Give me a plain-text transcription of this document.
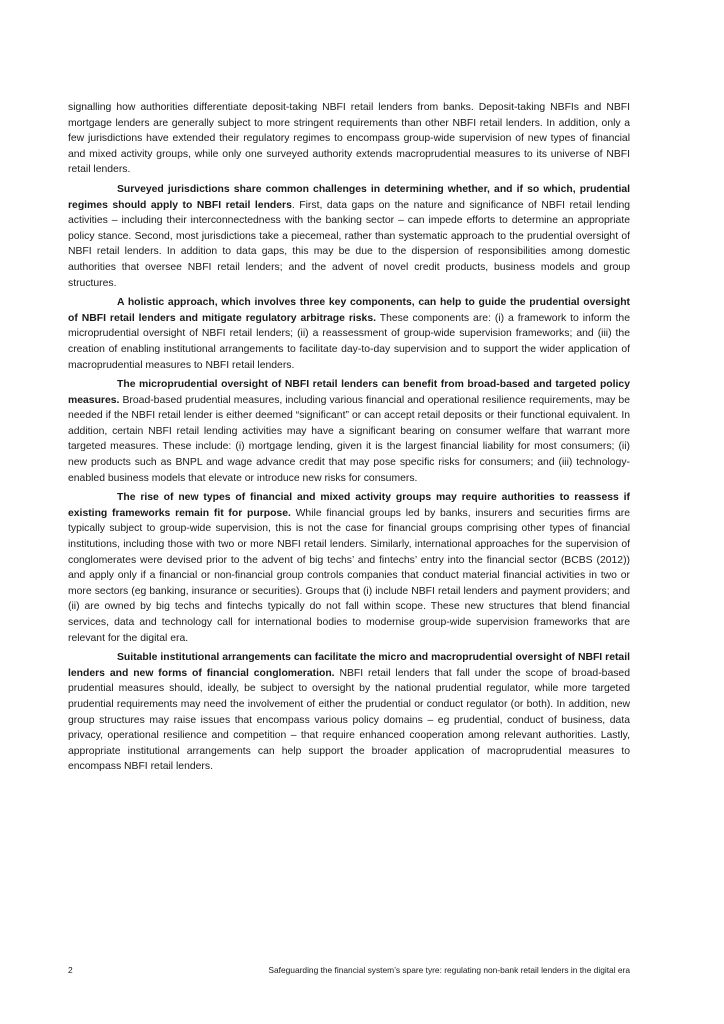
signalling how authorities differentiate deposit-taking NBFI retail lenders from banks. Deposit-taking NBFIs and NBFI mortgage lenders are generally subject to more stringent requirements than other NBFI retail lenders. In addition, only a few jurisdictions have extended their regulatory regimes to encompass group-wide supervision of new types of financial and mixed activity groups, while only one surveyed authority extends macroprudential measures to its universe of NBFI retail lenders.

Surveyed jurisdictions share common challenges in determining whether, and if so which, prudential regimes should apply to NBFI retail lenders. First, data gaps on the nature and significance of NBFI retail lending activities – including their interconnectedness with the banking sector – can impede efforts to determine an appropriate policy stance. Second, most jurisdictions take a piecemeal, rather than systematic approach to the prudential oversight of NBFI retail lenders. In addition to data gaps, this may be due to the dispersion of responsibilities among domestic authorities that oversee NBFI retail lenders; and the advent of novel credit products, business models and group structures.

A holistic approach, which involves three key components, can help to guide the prudential oversight of NBFI retail lenders and mitigate regulatory arbitrage risks. These components are: (i) a framework to inform the microprudential oversight of NBFI retail lenders; (ii) a reassessment of group-wide supervision frameworks; and (iii) the creation of enabling institutional arrangements to facilitate day-to-day supervision and to support the wider application of macroprudential measures to NBFI retail lenders.

The microprudential oversight of NBFI retail lenders can benefit from broad-based and targeted policy measures. Broad-based prudential measures, including various financial and operational resilience requirements, may be needed if the NBFI retail lender is either deemed “significant” or can accept retail deposits or their functional equivalent. In addition, certain NBFI retail lending activities may have a significant bearing on consumer welfare that warrant more targeted measures. These include: (i) mortgage lending, given it is the largest financial liability for most consumers; (ii) new products such as BNPL and wage advance credit that may pose specific risks for consumers; and (iii) technology-enabled business models that elevate or introduce new risks for consumers.

The rise of new types of financial and mixed activity groups may require authorities to reassess if existing frameworks remain fit for purpose. While financial groups led by banks, insurers and securities firms are typically subject to group-wide supervision, this is not the case for financial groups comprising other types of financial institutions, including those with two or more NBFI retail lenders. Similarly, international approaches for the supervision of conglomerates were devised prior to the advent of big techs’ and fintechs’ entry into the financial sector (BCBS (2012)) and apply only if a financial or non-financial group controls companies that conduct material financial activities in two or more sectors (eg banking, insurance or securities). Groups that (i) include NBFI retail lenders and payment providers; and (ii) are owned by big techs and fintechs typically do not fall within scope. These new structures that blend financial services, data and technology call for international bodies to modernise group-wide supervision frameworks that are relevant for the digital era.

Suitable institutional arrangements can facilitate the micro and macroprudential oversight of NBFI retail lenders and new forms of financial conglomeration. NBFI retail lenders that fall under the scope of broad-based prudential measures should, ideally, be subject to oversight by the national prudential regulator, while more targeted prudential requirements may need the involvement of either the prudential or conduct regulator (or both). In addition, new group structures may raise issues that encompass various policy domains – eg prudential, conduct of business, data privacy, operational resilience and competition – that require enhanced cooperation among relevant authorities. Lastly, appropriate institutional arrangements can help support the broader application of macroprudential measures to encompass NBFI retail lenders.

2	Safeguarding the financial system’s spare tyre: regulating non-bank retail lenders in the digital era
